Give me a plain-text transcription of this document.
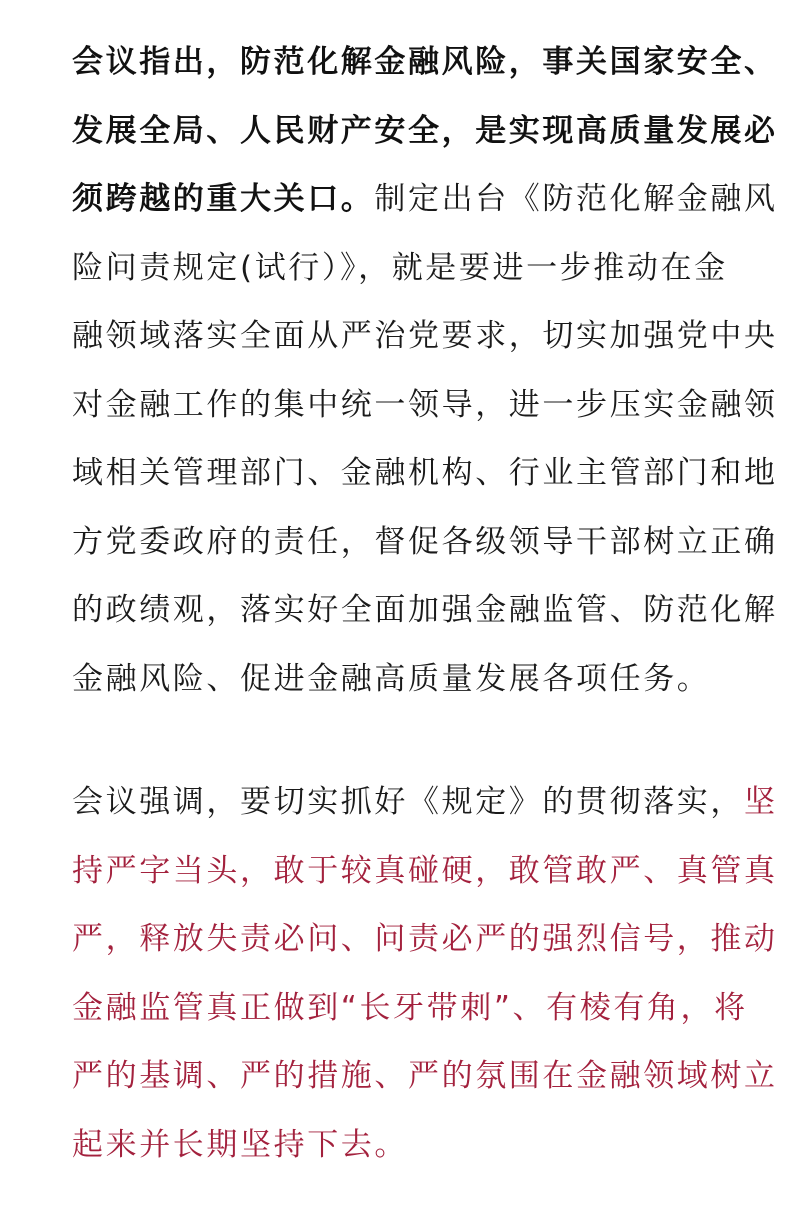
会议指出，防范化解金融风险，事关国家安全、
发展全局、人民财产安全，是实现高质量发展必
须跨越的重大关口。制定出台《防范化解金融风
险问责规定(试行）》，就是要进一步推动在金
融领域落实全面从严治党要求，切实加强党中央
对金融工作的集中统一领导，进一步压实金融领
域相关管理部门、金融机构、行业主管部门和地
方党委政府的责任，督促各级领导干部树立正确
的政绩观，落实好全面加强金融监管、防范化解
金融风险、促进金融高质量发展各项任务。
会议强调，要切实抓好《规定》的贯彻落实，坚
持严字当头，敢于较真碰硬，敢管敢严、真管真
严，释放失责必问、问责必严的强烈信号，推动
金融监管真正做到“长牙带刺”、有棱有角，将
严的基调、严的措施、严的氛围在金融领域树立
起来并长期坚持下去。
